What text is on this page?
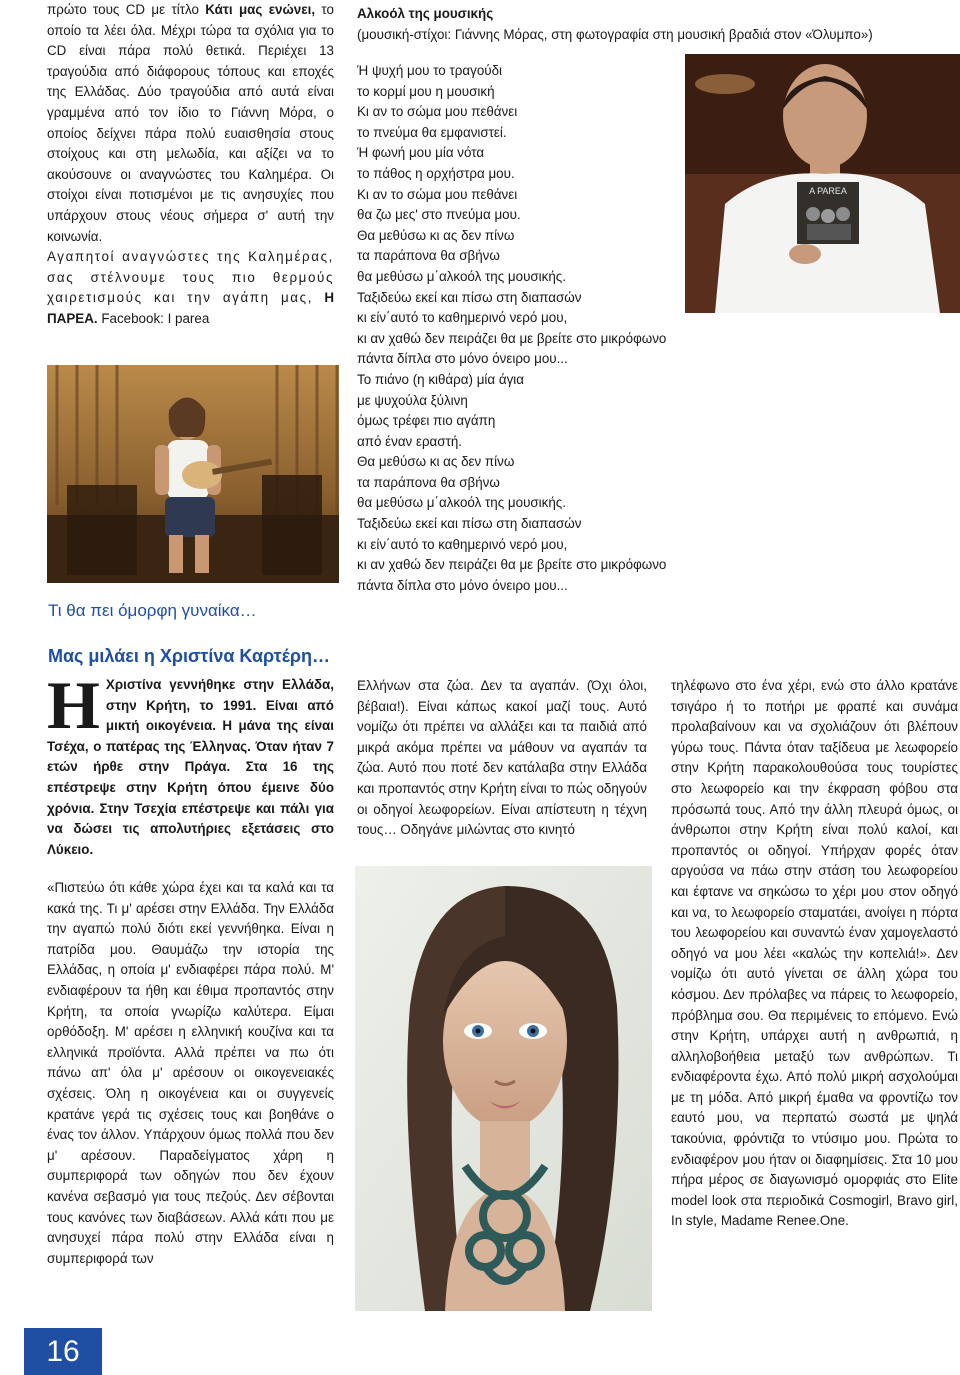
πρώτο τους CD με τίτλο Κάτι μας ενώνει, το οποίο τα λέει όλα. Μέχρι τώρα τα σχόλια για το CD είναι πάρα πολύ θετικά. Περιέχει 13 τραγούδια από διάφορους τόπους και εποχές της Ελλάδας. Δύο τραγούδια από αυτά είναι γραμμένα από τον ίδιο το Γιάννη Μόρα, ο οποίος δείχνει πάρα πολύ ευαισθησία στους στοίχους και στη μελωδία, και αξίζει να το ακούσουνε οι αναγνώστες του Καλημέρα. Οι στοίχοι είναι ποτισμένοι με τις ανησυχίες που υπάρχουν στους νέους σήμερα σ' αυτή την κοινωνία.

Αγαπητοί αναγνώστες της Καλημέρας, σας στέλνουμε τους πιο θερμούς χαιρετισμούς και την αγάπη μας, Η ΠΑΡΕΑ. Facebook: I parea

Αλκοόλ της μουσικής
(μουσική-στίχοι: Γιάννης Μόρας, στη φωτογραφία στη μουσική βραδιά στον «Όλυμπο»)
Ή ψυχή μου το τραγούδι
το κορμί μου η μουσική
Κι αν το σώμα μου πεθάνει
το πνεύμα θα εμφανιστεί.
Ή φωνή μου μία νότα
το πάθος η ορχήστρα μου.
Κι αν το σώμα μου πεθάνει
θα ζω μες' στο πνεύμα μου.
Θα μεθύσω κι ας δεν πίνω
τα παράπονα θα σβήνω
θα μεθύσω μ΄αλκοόλ της μουσικής.
Ταξιδεύω εκεί και πίσω στη διαπασών
κι είν΄αυτό το καθημερινό νερό μου,
κι αν χαθώ δεν πειράζει θα με βρείτε στο μικρόφωνο
πάντα δίπλα στο μόνο όνειρο μου...
Το πιάνο (η κιθάρα) μία άγια
με ψυχούλα ξύλινη
όμως τρέφει πιο αγάπη
από έναν εραστή.
Θα μεθύσω κι ας δεν πίνω
τα παράπονα θα σβήνω
θα μεθύσω μ΄αλκοόλ της μουσικής.
Ταξιδεύω εκεί και πίσω στη διαπασών
κι είν΄αυτό το καθημερινό νερό μου,
κι αν χαθώ δεν πειράζει θα με βρείτε στο μικρόφωνο
πάντα δίπλα στο μόνο όνειρο μου...
A PAREA
Τι θα πει όμορφη γυναίκα…
Μας μιλάει η Χριστίνα Καρτέρη…
Η Χριστίνα γεννήθηκε στην Ελλάδα, στην Κρήτη, το 1991. Είναι από μικτή οικογένεια. Η μάνα της είναι Τσέχα, ο πατέρας της Έλληνας. Όταν ήταν 7 ετών ήρθε στην Πράγα. Στα 16 της επέστρεψε στην Κρήτη όπου έμεινε δύο χρόνια. Στην Τσεχία επέστρεψε και πάλι για να δώσει τις απολυτήριες εξετάσεις στο Λύκειο.
«Πιστεύω ότι κάθε χώρα έχει και τα καλά και τα κακά της. Τι μ' αρέσει στην Ελλάδα. Την Ελλάδα την αγαπώ πολύ διότι εκεί γεννήθηκα. Είναι η πατρίδα μου. Θαυμάζω την ιστορία της Ελλάδας, η οποία μ' ενδιαφέρει πάρα πολύ. Μ' ενδιαφέρουν τα ήθη και έθιμα προπαντός στην Κρήτη, τα οποία γνωρίζω καλύτερα. Είμαι ορθόδοξη. Μ' αρέσει η ελληνική κουζίνα και τα ελληνικά προϊόντα. Αλλά πρέπει να πω ότι πάνω απ' όλα μ' αρέσουν οι οικογενειακές σχέσεις. Όλη η οικογένεια και οι συγγενείς κρατάνε γερά τις σχέσεις τους και βοηθάνε ο ένας τον άλλον. Υπάρχουν όμως πολλά που δεν μ' αρέσουν. Παραδείγματος χάρη η συμπεριφορά των οδηγών που δεν έχουν κανένα σεβασμό για τους πεζούς. Δεν σέβονται τους κανόνες των διαβάσεων. Αλλά κάτι που με ανησυχεί πάρα πολύ στην Ελλάδα είναι η συμπεριφορά των
Ελλήνων στα ζώα. Δεν τα αγαπάν. (Όχι όλοι, βέβαια!). Είναι κάπως κακοί μαζί τους. Αυτό νομίζω ότι πρέπει να αλλάξει και τα παιδιά από μικρά ακόμα πρέπει να μάθουν να αγαπάν τα ζώα. Αυτό που ποτέ δεν κατάλαβα στην Ελλάδα και προπαντός στην Κρήτη είναι το πώς οδηγούν οι οδηγοί λεωφορείων. Είναι απίστευτη η τέχνη τους… Οδηγάνε μιλώντας στο κινητό
τηλέφωνο στο ένα χέρι, ενώ στο άλλο κρατάνε τσιγάρο ή το ποτήρι με φραπέ και συνάμα προλαβαίνουν και να σχολιάζουν ότι βλέπουν γύρω τους. Πάντα όταν ταξίδευα με λεωφορείο στην Κρήτη παρακολουθούσα τους τουρίστες στο λεωφορείο και την έκφραση φόβου στα πρόσωπά τους. Από την άλλη πλευρά όμως, οι άνθρωποι στην Κρήτη είναι πολύ καλοί, και προπαντός οι οδηγοί. Υπήρχαν φορές όταν αργούσα να πάω στην στάση του λεωφορείου και έφτανε να σηκώσω το χέρι μου στον οδηγό και να, το λεωφορείο σταματάει, ανοίγει η πόρτα του λεωφορείου και συναντώ έναν χαμογελαστό οδηγό να μου λέει «καλώς την κοπελιά!». Δεν νομίζω ότι αυτό γίνεται σε άλλη χώρα του κόσμου. Δεν πρόλαβες να πάρεις το λεωφορείο, πρόβλημα σου. Θα περιμένεις το επόμενο. Ενώ στην Κρήτη, υπάρχει αυτή η ανθρωπιά, η αλληλοβοήθεια μεταξύ των ανθρώπων. Τι ενδιαφέροντα έχω. Από πολύ μικρή ασχολούμαι με τη μόδα. Από μικρή έμαθα να φροντίζω τον εαυτό μου, να περπατώ σωστά με ψηλά τακούνια, φρόντιζα το ντύσιμο μου. Πρώτα το ενδιαφέρον μου ήταν οι διαφημίσεις. Στα 10 μου πήρα μέρος σε διαγωνισμό ομορφιάς στο Elite model look στα περιοδικά Cosmogirl, Bravo girl, In style, Madame Renee.One.
16
